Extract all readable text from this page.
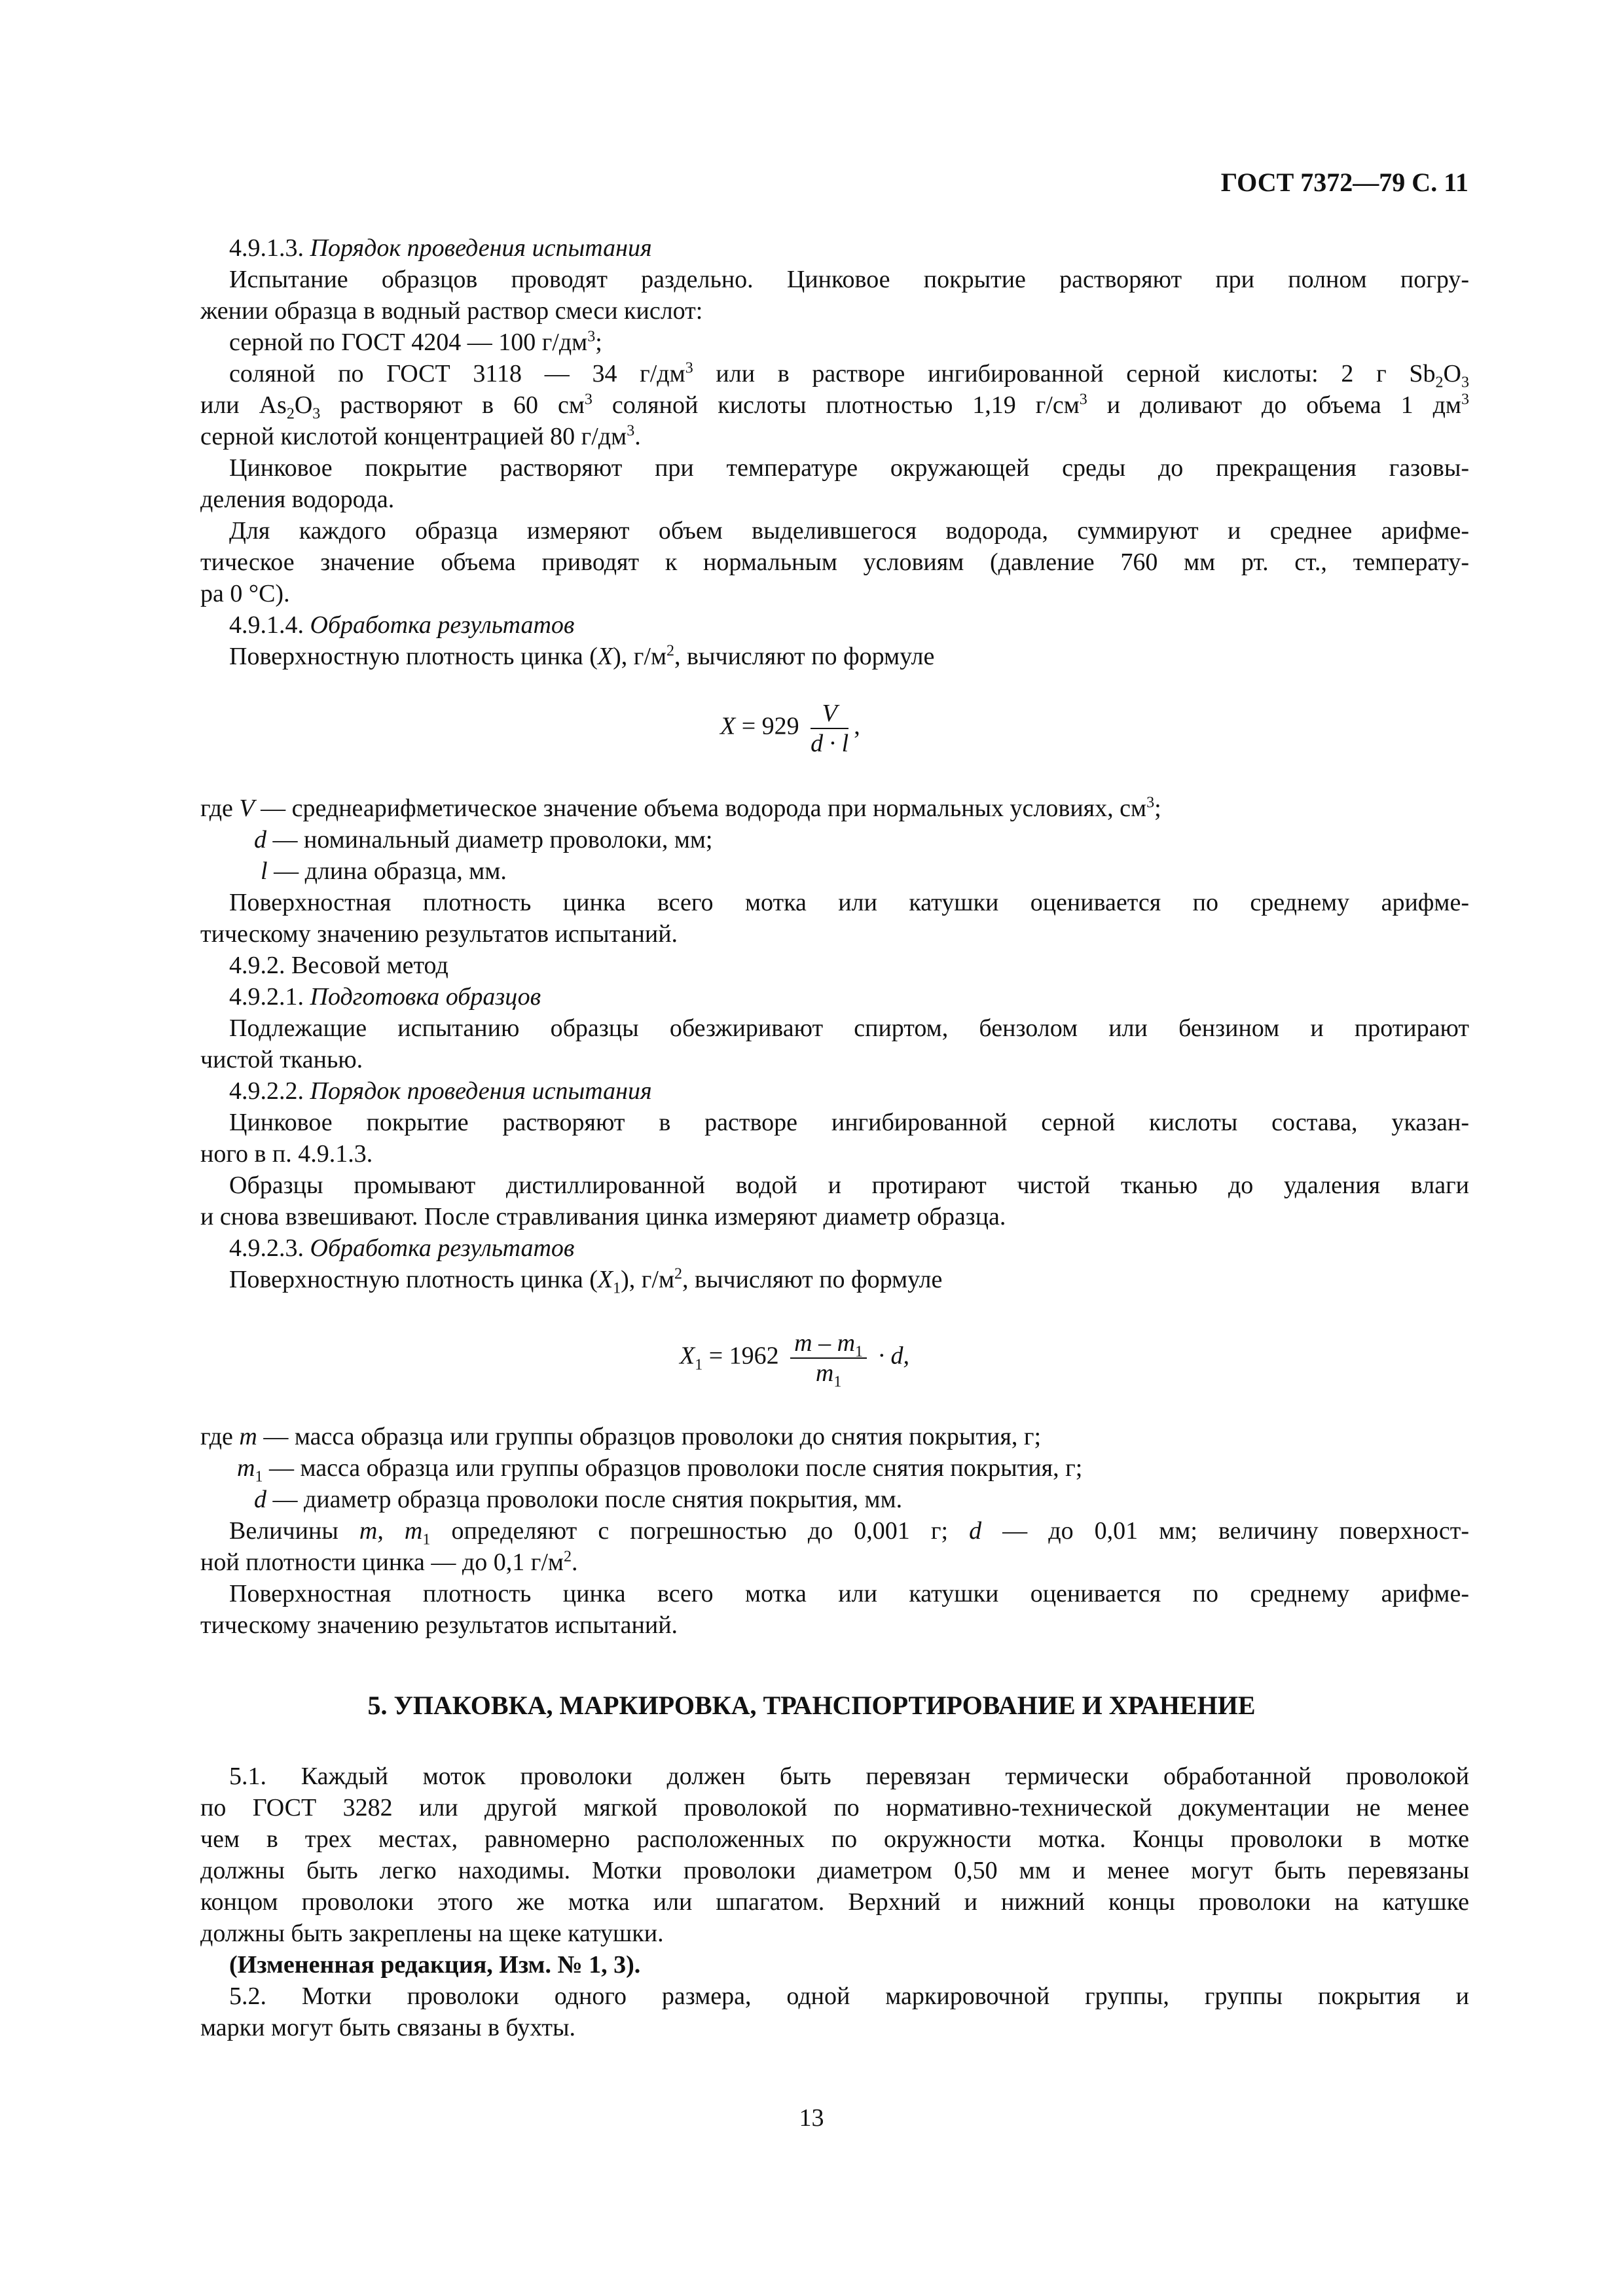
ГОСТ 7372—79 С. 11
4.9.1.3. Порядок проведения испытания
Испытание образцов проводят раздельно. Цинковое покрытие растворяют при полном погру-
жении образца в водный раствор смеси кислот:
серной по ГОСТ 4204 — 100 $г/дм^3$;
соляной по ГОСТ 3118 — 34 $г/дм^3$ или в растворе ингибированной серной кислоты: 2 г $Sb_2O_3$
или $As_2O_3$ растворяют в 60 $см^3$ соляной кислоты плотностью 1,19 $г/см^3$ и доливают до объема 1 $дм^3$
серной кислотой концентрацией 80 $г/дм^3$.
Цинковое покрытие растворяют при температуре окружающей среды до прекращения газовы-
деления водорода.
Для каждого образца измеряют объем выделившегося водорода, суммируют и среднее арифме-
тическое значение объема приводят к нормальным условиям (давление 760 мм рт. ст., температу-
ра 0 °С).
4.9.1.4. Обработка результатов
Поверхностную плотность цинка (X), $г/м^2$, вычисляют по формуле
$X = 929 \frac{V}{d \cdot l}$ ,
где V — среднеарифметическое значение объема водорода при нормальных условиях, $см^3$;
d — номинальный диаметр проволоки, мм;
l — длина образца, мм.
Поверхностная плотность цинка всего мотка или катушки оценивается по среднему арифме-
тическому значению результатов испытаний.
4.9.2. Весовой метод
4.9.2.1. Подготовка образцов
Подлежащие испытанию образцы обезжиривают спиртом, бензолом или бензином и протирают
чистой тканью.
4.9.2.2. Порядок проведения испытания
Цинковое покрытие растворяют в растворе ингибированной серной кислоты состава, указан-
ного в п. 4.9.1.3.
Образцы промывают дистиллированной водой и протирают чистой тканью до удаления влаги
и снова взвешивают. После стравливания цинка измеряют диаметр образца.
4.9.2.3. Обработка результатов
Поверхностную плотность цинка $(X_1)$, $г/м^2$, вычисляют по формуле
$X_1 = 1962 \frac{m - m_1}{m_1} \cdot d$,
где m — масса образца или группы образцов проволоки до снятия покрытия, г;
$m_1$ — масса образца или группы образцов проволоки после снятия покрытия, г;
d — диаметр образца проволоки после снятия покрытия, мм.
Величины m, $m_1$ определяют с погрешностью до 0,001 г; d — до 0,01 мм; величину поверхност-
ной плотности цинка — до 0,1 $г/м^2$.
Поверхностная плотность цинка всего мотка или катушки оценивается по среднему арифме-
тическому значению результатов испытаний.
5. УПАКОВКА, МАРКИРОВКА, ТРАНСПОРТИРОВАНИЕ И ХРАНЕНИЕ
5.1. Каждый моток проволоки должен быть перевязан термически обработанной проволокой
по ГОСТ 3282 или другой мягкой проволокой по нормативно-технической документации не менее
чем в трех местах, равномерно расположенных по окружности мотка. Концы проволоки в мотке
должны быть легко находимы. Мотки проволоки диаметром 0,50 мм и менее могут быть перевязаны
концом проволоки этого же мотка или шпагатом. Верхний и нижний концы проволоки на катушке
должны быть закреплены на щеке катушки.
(Измененная редакция, Изм. № 1, 3).
5.2. Мотки проволоки одного размера, одной маркировочной группы, группы покрытия и
марки могут быть связаны в бухты.
13
